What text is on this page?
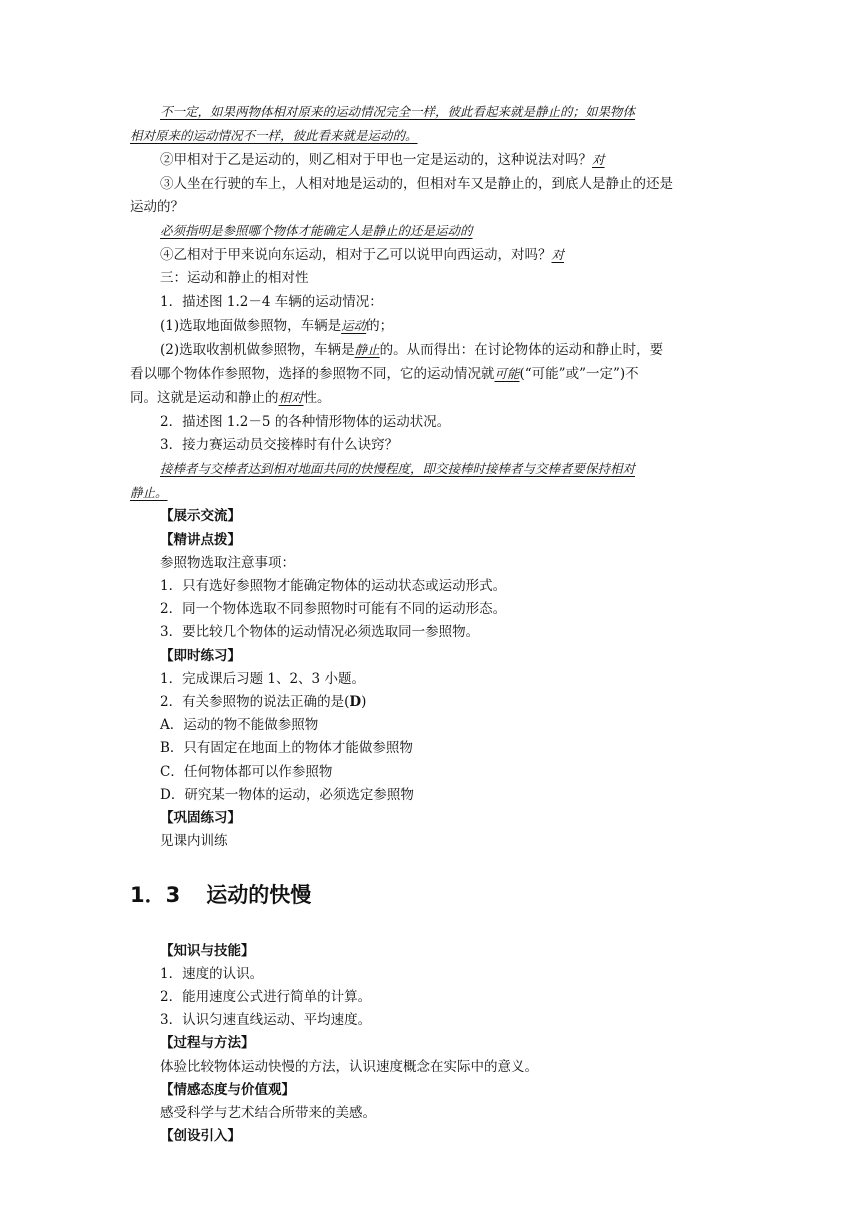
不一定，如果两物体相对原来的运动情况完全一样，彼此看起来就是静止的；如果物体
相对原来的运动情况不一样，彼此看来就是运动的。
②甲相对于乙是运动的，则乙相对于甲也一定是运动的，这种说法对吗？对
③人坐在行驶的车上，人相对地是运动的，但相对车又是静止的，到底人是静止的还是
运动的？
必须指明是参照哪个物体才能确定人是静止的还是运动的
④乙相对于甲来说向东运动，相对于乙可以说甲向西运动，对吗？对
三：运动和静止的相对性
1．描述图 1.2－4 车辆的运动情况：
(1)选取地面做参照物，车辆是运动的；
(2)选取收割机做参照物，车辆是静止的。从而得出：在讨论物体的运动和静止时，要
看以哪个物体作参照物，选择的参照物不同，它的运动情况就可能(“可能”或”一定”)不
同。这就是运动和静止的相对性。
2．描述图 1.2－5 的各种情形物体的运动状况。
3．接力赛运动员交接棒时有什么诀窍？
接棒者与交棒者达到相对地面共同的快慢程度，即交接棒时接棒者与交棒者要保持相对
静止。
【展示交流】
【精讲点拨】
参照物选取注意事项：
1．只有选好参照物才能确定物体的运动状态或运动形式。
2．同一个物体选取不同参照物时可能有不同的运动形态。
3．要比较几个物体的运动情况必须选取同一参照物。
【即时练习】
1．完成课后习题 1、2、3 小题。
2．有关参照物的说法正确的是(D)
A．运动的物不能做参照物
B．只有固定在地面上的物体才能做参照物
C．任何物体都可以作参照物
D．研究某一物体的运动，必须选定参照物
【巩固练习】
见课内训练
1．3 运动的快慢
【知识与技能】
1．速度的认识。
2．能用速度公式进行简单的计算。
3．认识匀速直线运动、平均速度。
【过程与方法】
体验比较物体运动快慢的方法，认识速度概念在实际中的意义。
【情感态度与价值观】
感受科学与艺术结合所带来的美感。
【创设引入】
